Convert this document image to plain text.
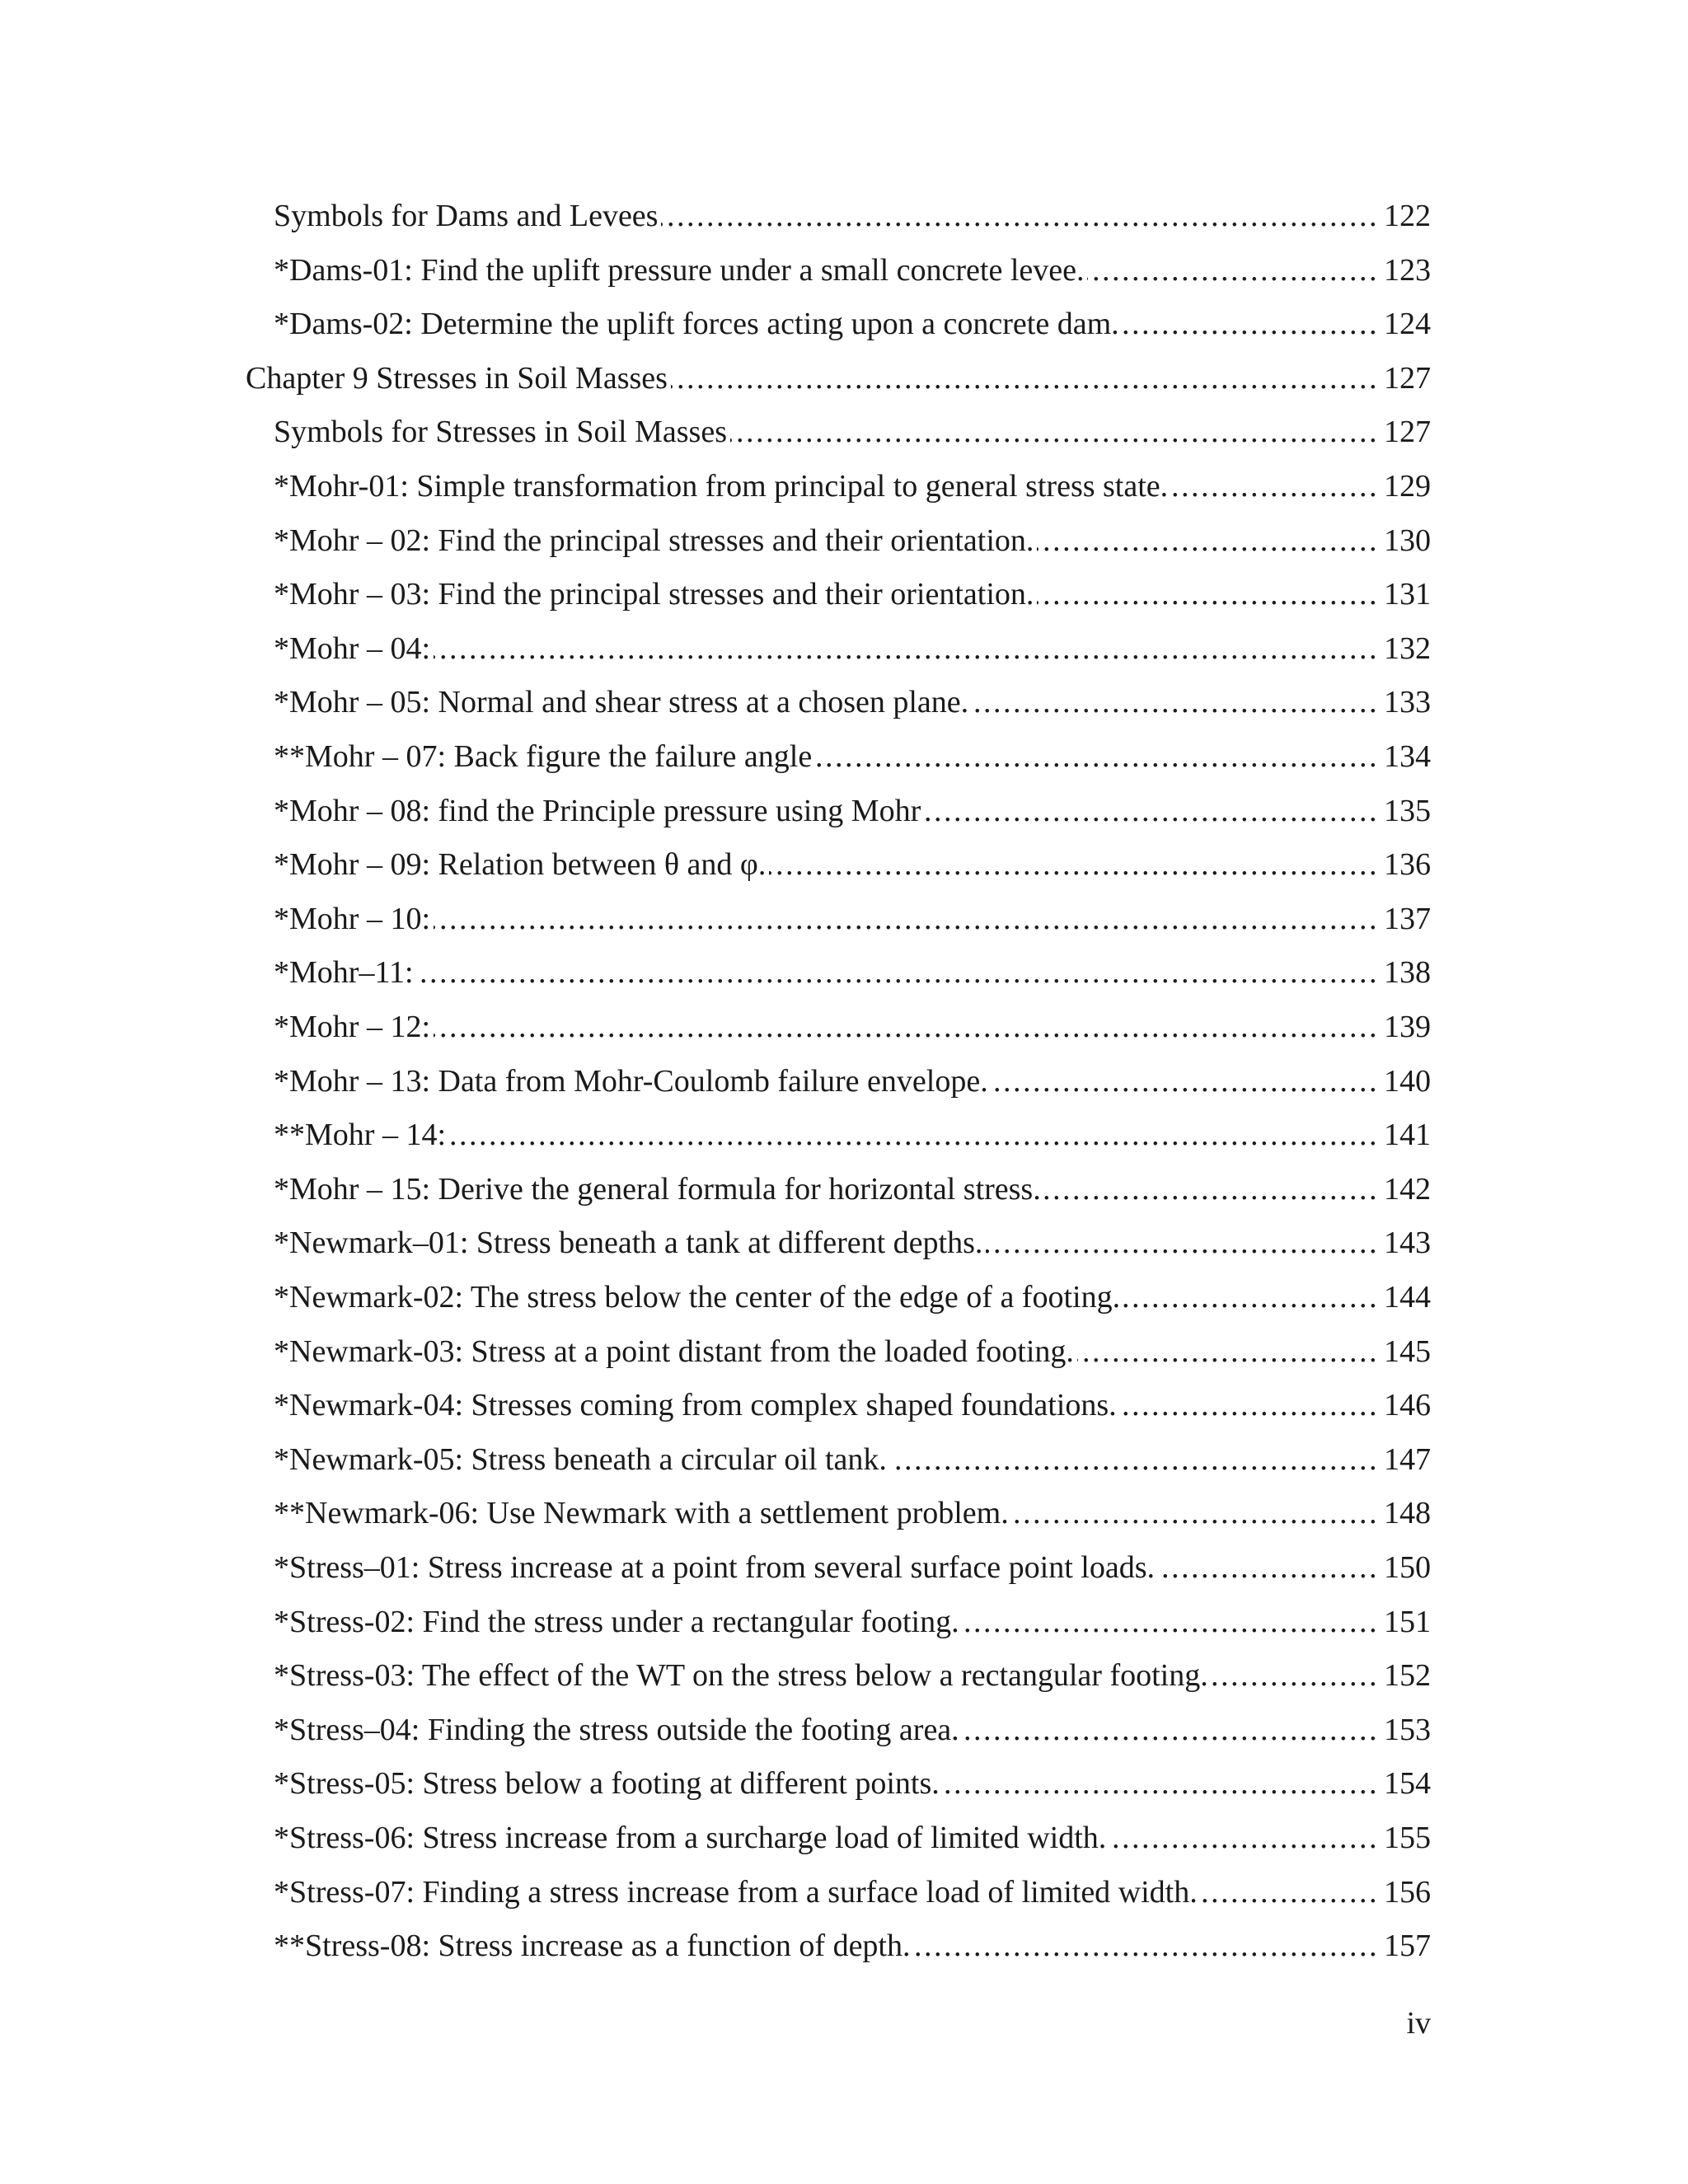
Symbols for Dams and Levees .....	122
*Dams-01: Find the uplift pressure under a small concrete levee. .....	123
*Dams-02: Determine the uplift forces acting upon a concrete dam. .....	124
Chapter 9 Stresses in Soil Masses .....	127
Symbols for Stresses in Soil Masses .....	127
*Mohr-01: Simple transformation from principal to general stress state. .....	129
*Mohr – 02: Find the principal stresses and their orientation. .....	130
*Mohr – 03: Find the principal stresses and their orientation. .....	131
*Mohr – 04: .....	132
*Mohr – 05: Normal and shear stress at a chosen plane. .....	133
**Mohr – 07: Back figure the failure angle .....	134
*Mohr – 08: find the Principle pressure using Mohr .....	135
*Mohr – 09: Relation between θ and φ. .....	136
*Mohr – 10: .....	137
*Mohr–11: .....	138
*Mohr – 12: .....	139
*Mohr – 13: Data from Mohr-Coulomb failure envelope. .....	140
**Mohr – 14: .....	141
*Mohr – 15: Derive the general formula for horizontal stress. .....	142
*Newmark–01: Stress beneath a tank at different depths. .....	143
*Newmark-02: The stress below the center of the edge of a footing. .....	144
*Newmark-03: Stress at a point distant from the loaded footing. .....	145
*Newmark-04: Stresses coming from complex shaped foundations. .....	146
*Newmark-05: Stress beneath a circular oil tank. .....	147
**Newmark-06: Use Newmark with a settlement problem. .....	148
*Stress–01: Stress increase at a point from several surface point loads. .....	150
*Stress-02: Find the stress under a rectangular footing. .....	151
*Stress-03: The effect of the WT on the stress below a rectangular footing. .....	152
*Stress–04: Finding the stress outside the footing area. .....	153
*Stress-05: Stress below a footing at different points. .....	154
*Stress-06: Stress increase from a surcharge load of limited width. .....	155
*Stress-07: Finding a stress increase from a surface load of limited width. .....	156
**Stress-08: Stress increase as a function of depth. .....	157
iv
